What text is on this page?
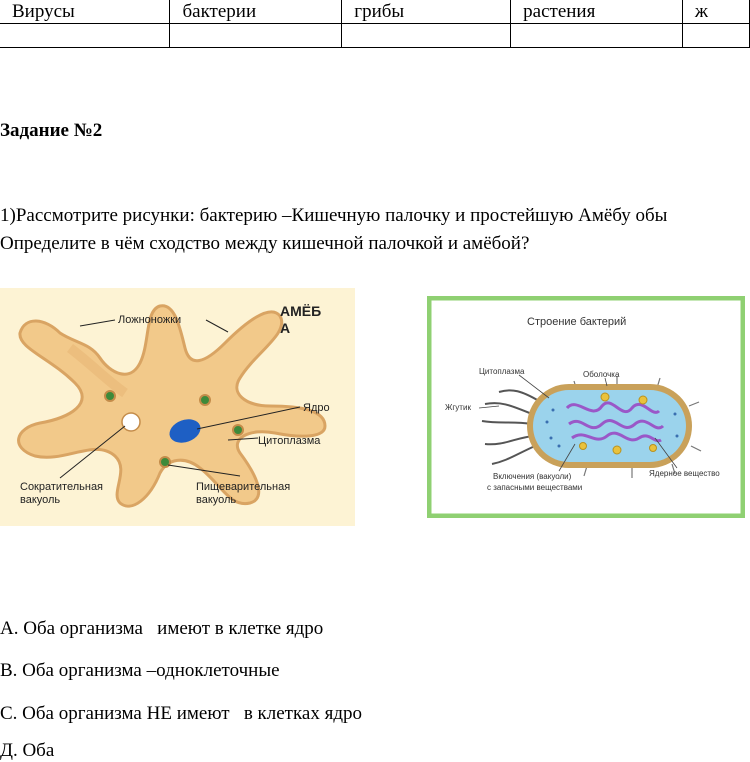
Вирусы	бактерии	грибы	растения	ж

Задание №2
1)Рассмотрите рисунки: бактерию –Кишечную палочку и простейшую Амёбу обы
Определите в чём сходство между кишечной палочкой и амёбой?
Ложноножки
Ядро
Цитоплазма
Сократительная
вакуоль
Пищеварительная
вакуоль
АМЁБ
А	Строение бактерий
Цитоплазма	Оболочка
Жгутик
Включения (вакуоли)
с запасными веществами
Ядерное вещество
А. Оба организма   имеют в клетке ядро
В. Оба организма –одноклеточные
С. Оба организма НЕ имеют   в клетках ядро
Д. Оба
